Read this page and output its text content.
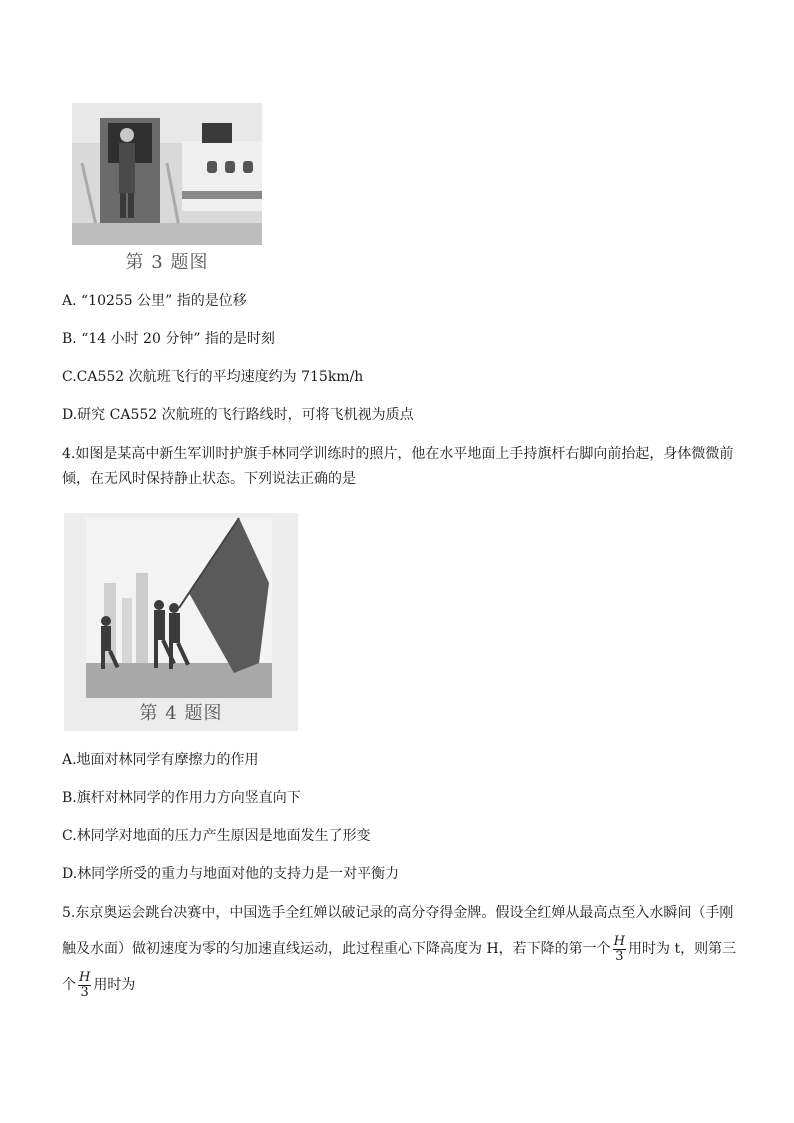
第 3 题图
A. “10255 公里” 指的是位移
B. “14 小时 20 分钟” 指的是时刻
C.CA552 次航班飞行的平均速度约为 715km/h
D.研究 CA552 次航班的飞行路线时，可将飞机视为质点
4.如图是某高中新生军训时护旗手林同学训练时的照片，他在水平地面上手持旗杆右脚向前抬起，身体微微前
倾，在无风时保持静止状态。下列说法正确的是
第 4 题图
A.地面对林同学有摩擦力的作用
B.旗杆对林同学的作用力方向竖直向下
C.林同学对地面的压力产生原因是地面发生了形变
D.林同学所受的重力与地面对他的支持力是一对平衡力
5.东京奥运会跳台决赛中，中国选手全红婵以破记录的高分夺得金牌。假设全红婵从最高点至入水瞬间（手刚
触及水面）做初速度为零的匀加速直线运动，此过程重心下降高度为 H，若下降的第一个 $\frac{H}{3}$ 用时为 t，则第三
个 $\frac{H}{3}$ 用时为
